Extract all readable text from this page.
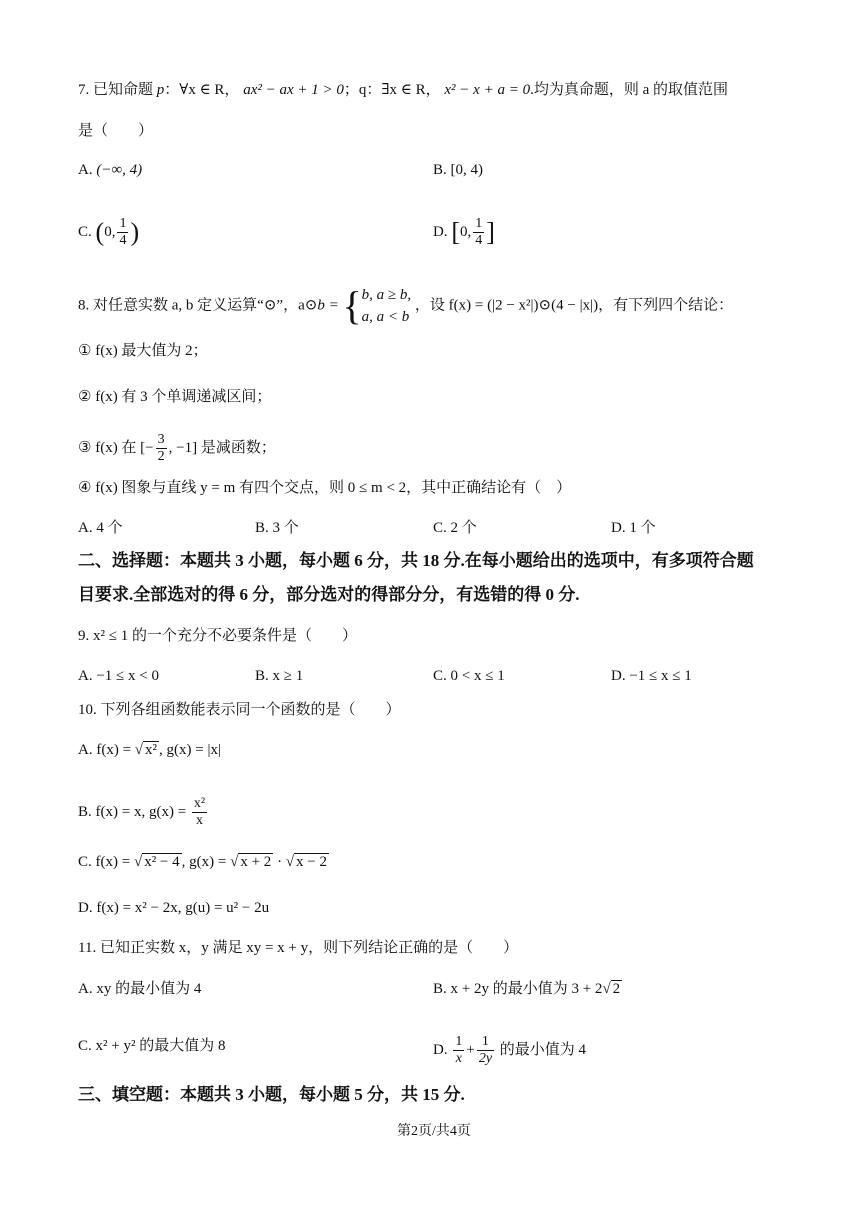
7. 已知命题 p：∀x ∈ R， ax² − ax + 1 > 0；q：∃x ∈ R， x² − x + a = 0.均为真命题，则 a 的取值范围
是（　　）
A. (−∞, 4)	B. [0, 4)
C. (0, $\frac{1}{4}$ )	D. [0, $\frac{1}{4}$ ]
8. 对任意实数 a, b 定义运算“⊙”，a⊙b = { b, a ≥ b,
a, a < b
，设 f(x) = (|2 − x²|)⊙(4 − |x|)，有下列四个结论：
① f(x) 最大值为 2；
② f(x) 有 3 个单调递减区间；
③ f(x) 在 [− $\frac{3}{2}$ , −1] 是减函数；
④ f(x) 图象与直线 y = m 有四个交点，则 0 ≤ m < 2，其中正确结论有（　）
A. 4 个	B. 3 个	C. 2 个	D. 1 个
二、选择题：本题共 3 小题，每小题 6 分，共 18 分.在每小题给出的选项中，有多项符合题
目要求.全部选对的得 6 分，部分选对的得部分分，有选错的得 0 分.
9. x² ≤ 1 的一个充分不必要条件是（　　）
A. −1 ≤ x < 0	B. x ≥ 1	C. 0 < x ≤ 1	D. −1 ≤ x ≤ 1
10. 下列各组函数能表示同一个函数的是（　　）
A. f(x) = √ x² , g(x) = |x|
B. f(x) = x, $g(x) = \frac{\text{x²}}{x}$
C. f(x) = √ x² − 4 , g(x) = √ x + 2 · √ x − 2
D. f(x) = x² − 2x, g(u) = u² − 2u
11. 已知正实数 x，y 满足 xy = x + y，则下列结论正确的是（　　）
A. xy 的最小值为 4	B. x + 2y 的最小值为 3 + 2√ 2
C. x² + y² 的最大值为 8	D. $\frac{1}{x} + \frac{1}{2y}$ 的最小值为 4
三、填空题：本题共 3 小题，每小题 5 分，共 15 分.
第2页/共4页
